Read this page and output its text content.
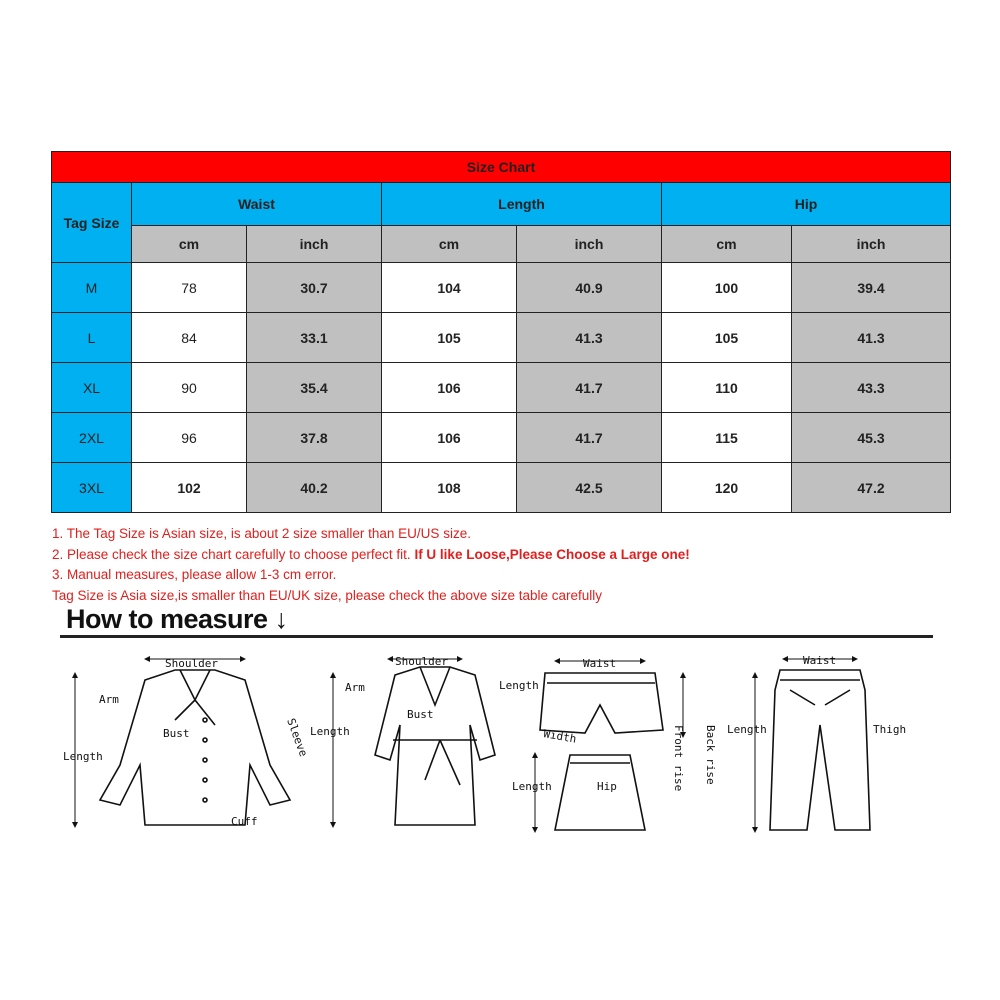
Size Chart						
Tag Size	Waist		Length		Hip	
	cm	inch	cm	inch	cm	inch
M	78	30.7	104	40.9	100	39.4
L	84	33.1	105	41.3	105	41.3
XL	90	35.4	106	41.7	110	43.3
2XL	96	37.8	106	41.7	115	45.3
3XL	102	40.2	108	42.5	120	47.2
1. The Tag Size is Asian size, is about 2 size smaller than EU/US size.
2. Please check the size chart carefully to choose perfect fit. If U like Loose,Please Choose a Large one!
3. Manual measures, please allow 1-3 cm error.
Tag Size is Asia size,is smaller than EU/UK size, please check the above size table carefully
How to measure ↓
Shoulder
Arm
Bust
Length	Sleeve
Cuff
Shoulder
Arm
Bust
Length
Waist
Length
Width	Front rise Back rise
Length	Hip
Waist
Length	Thigh
